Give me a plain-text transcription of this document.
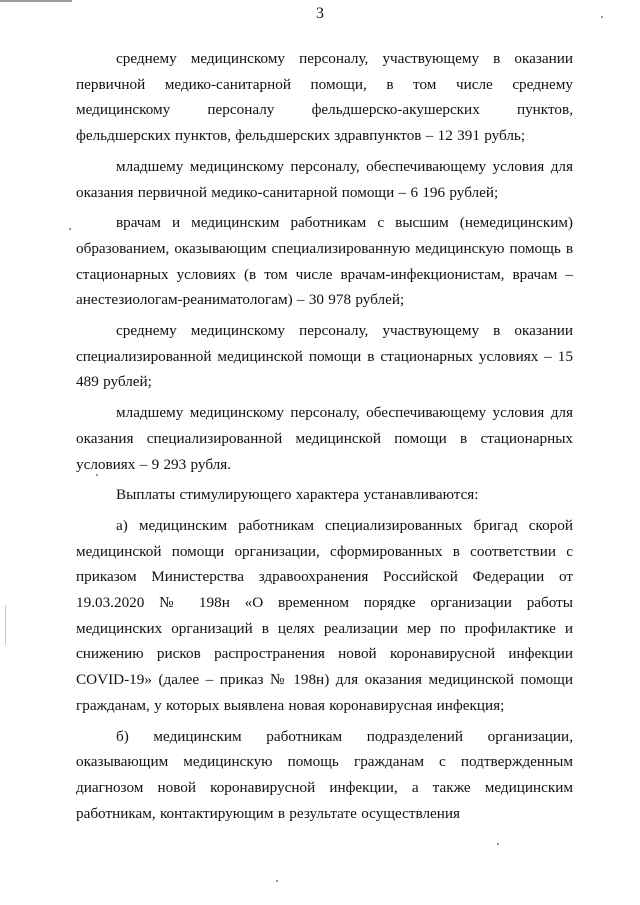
3

среднему медицинскому персоналу, участвующему в оказании первичной медико-санитарной помощи, в том числе среднему медицинскому персоналу фельдшерско-акушерских пунктов, фельдшерских пунктов, фельдшерских здравпунктов – 12 391 рубль;

младшему медицинскому персоналу, обеспечивающему условия для оказания первичной медико-санитарной помощи – 6 196 рублей;

врачам и медицинским работникам с высшим (немедицинским) образованием, оказывающим специализированную медицинскую помощь в стационарных условиях (в том числе врачам-инфекционистам, врачам – анестезиологам-реаниматологам) – 30 978 рублей;

среднему медицинскому персоналу, участвующему в оказании специализированной медицинской помощи в стационарных условиях – 15 489 рублей;

младшему медицинскому персоналу, обеспечивающему условия для оказания специализированной медицинской помощи в стационарных условиях – 9 293 рубля.

Выплаты стимулирующего характера устанавливаются:

а) медицинским работникам специализированных бригад скорой медицинской помощи организации, сформированных в соответствии с приказом Министерства здравоохранения Российской Федерации от 19.03.2020 № 198н «О временном порядке организации работы медицинских организаций в целях реализации мер по профилактике и снижению рисков распространения новой коронавирусной инфекции COVID-19» (далее – приказ № 198н) для оказания медицинской помощи гражданам, у которых выявлена новая коронавирусная инфекция;

б) медицинским работникам подразделений организации, оказывающим медицинскую помощь гражданам с подтвержденным диагнозом новой коронавирусной инфекции, а также медицинским работникам, контактирующим в результате осуществления
